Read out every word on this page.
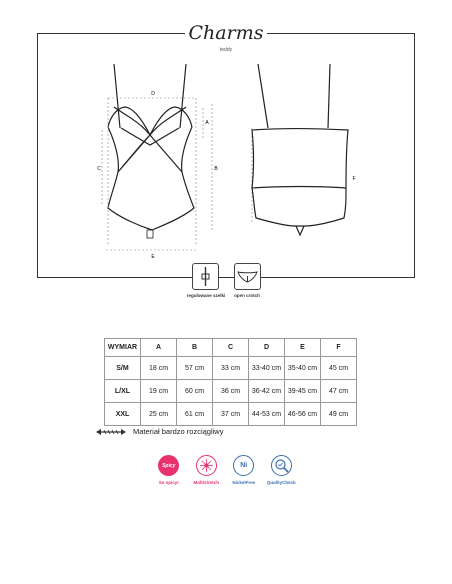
Charms
teddy
D
A
B
C
E
F
regulowane szelki	open crotch
WYMIAR	A	B	C	D	E	F
S/M	18 cm	57 cm	33 cm	33-40 cm	35-40 cm	45 cm
L/XL	19 cm	60 cm	36 cm	36-42 cm	39-45 cm	47 cm
XXL	25 cm	61 cm	37 cm	44-53 cm	46-56 cm	49 cm
Materiał bardzo rozciągliwy
Spicy
So spicy!	Multistretch
Ni
NickelFree	QualityCheck
